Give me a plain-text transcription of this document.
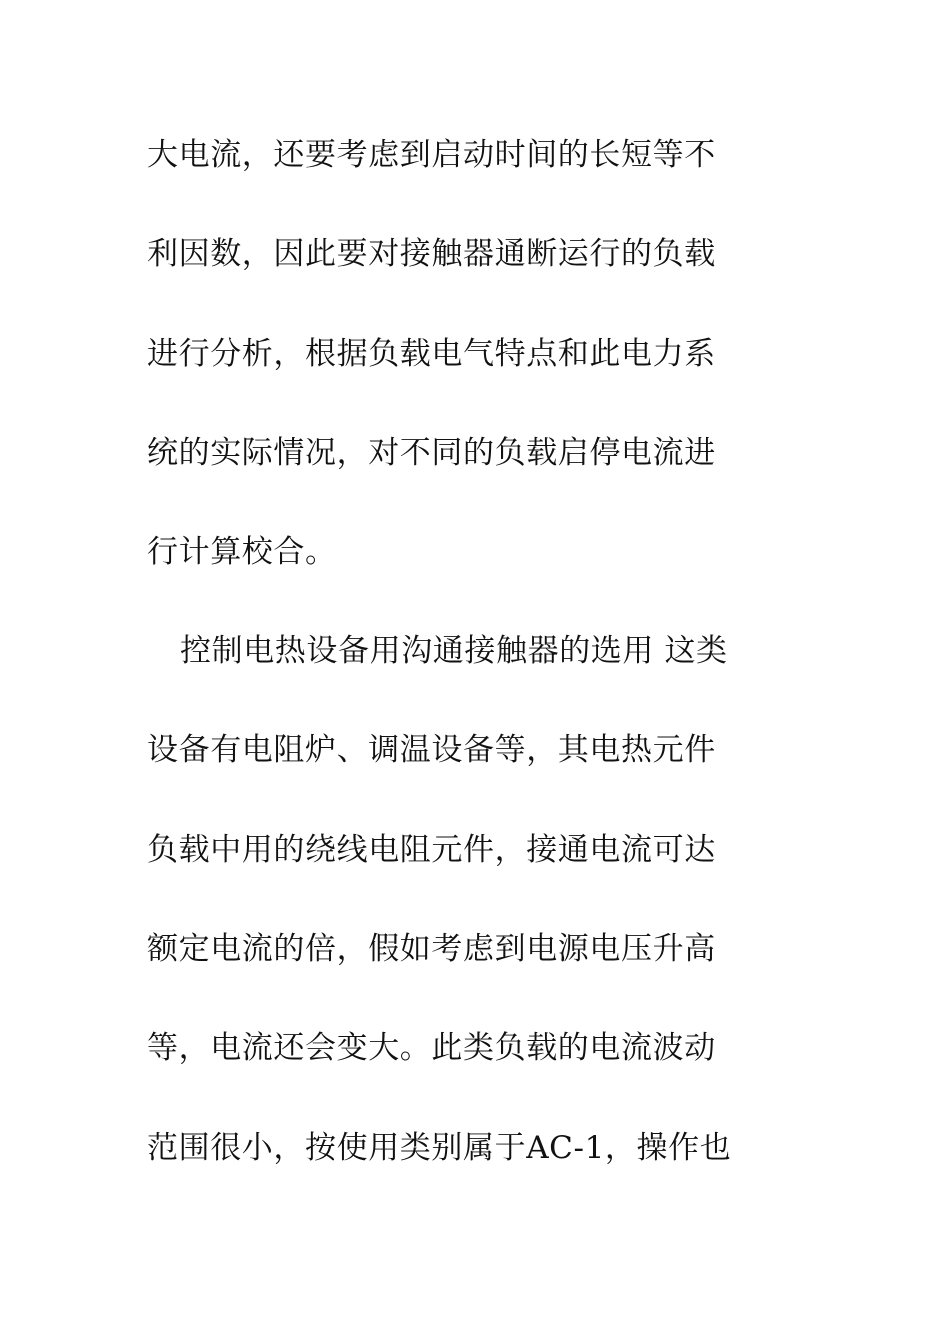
大电流，还要考虑到启动时间的长短等不

利因数，因此要对接触器通断运行的负载

进行分析，根据负载电气特点和此电力系

统的实际情况，对不同的负载启停电流进

行计算校合。

控制电热设备用沟通接触器的选用 这类

设备有电阻炉、调温设备等，其电热元件

负载中用的绕线电阻元件，接通电流可达

额定电流的倍，假如考虑到电源电压升高

等，电流还会变大。此类负载的电流波动

范围很小，按使用类别属于AC-1，操作也
